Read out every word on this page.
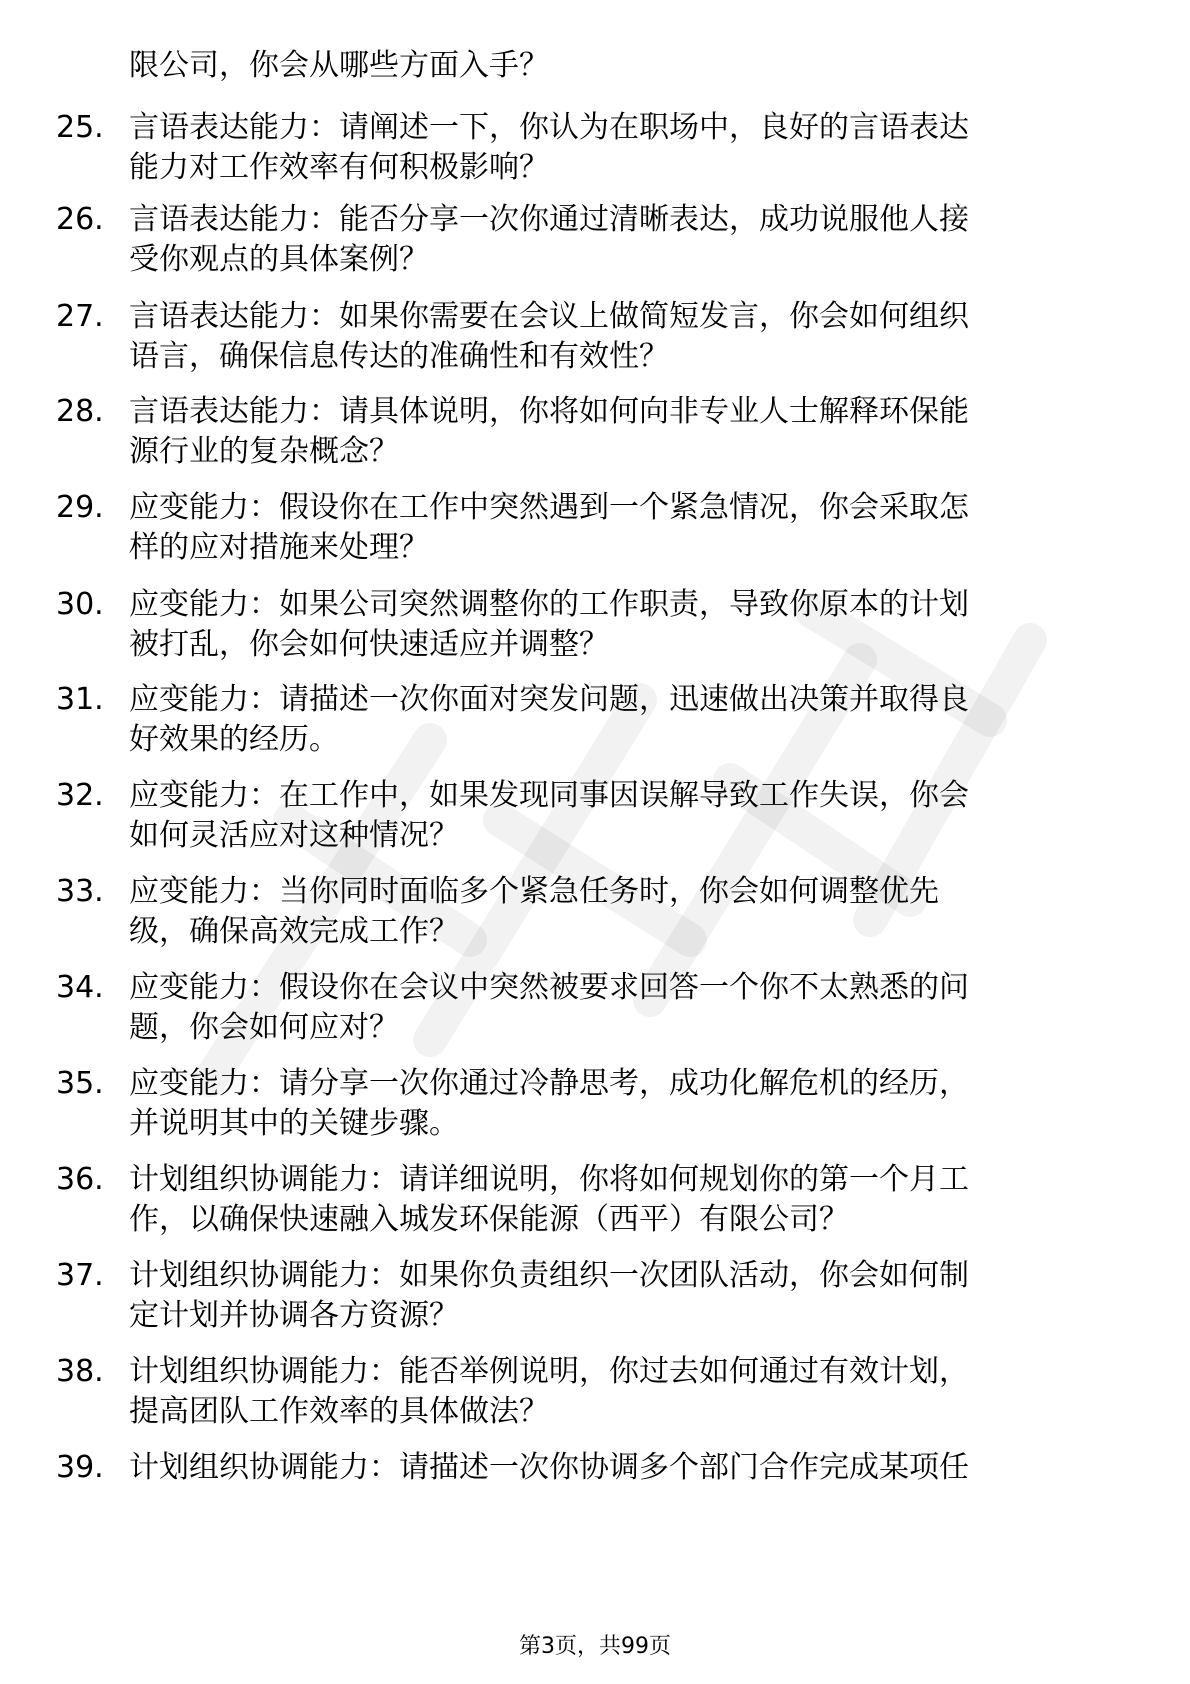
限公司，你会从哪些方面入手？
25. 言语表达能力：请阐述一下，你认为在职场中，良好的言语表达
能力对工作效率有何积极影响？
26. 言语表达能力：能否分享一次你通过清晰表达，成功说服他人接
受你观点的具体案例？
27. 言语表达能力：如果你需要在会议上做简短发言，你会如何组织
语言，确保信息传达的准确性和有效性？
28. 言语表达能力：请具体说明，你将如何向非专业人士解释环保能
源行业的复杂概念？
29. 应变能力：假设你在工作中突然遇到一个紧急情况，你会采取怎
样的应对措施来处理？
30. 应变能力：如果公司突然调整你的工作职责，导致你原本的计划
被打乱，你会如何快速适应并调整？
31. 应变能力：请描述一次你面对突发问题，迅速做出决策并取得良
好效果的经历。
32. 应变能力：在工作中，如果发现同事因误解导致工作失误，你会
如何灵活应对这种情况？
33. 应变能力：当你同时面临多个紧急任务时，你会如何调整优先
级，确保高效完成工作？
34. 应变能力：假设你在会议中突然被要求回答一个你不太熟悉的问
题，你会如何应对？
35. 应变能力：请分享一次你通过冷静思考，成功化解危机的经历，
并说明其中的关键步骤。
36. 计划组织协调能力：请详细说明，你将如何规划你的第一个月工
作，以确保快速融入城发环保能源（西平）有限公司？
37. 计划组织协调能力：如果你负责组织一次团队活动，你会如何制
定计划并协调各方资源？
38. 计划组织协调能力：能否举例说明，你过去如何通过有效计划，
提高团队工作效率的具体做法？
39. 计划组织协调能力：请描述一次你协调多个部门合作完成某项任
第3页，共99页
